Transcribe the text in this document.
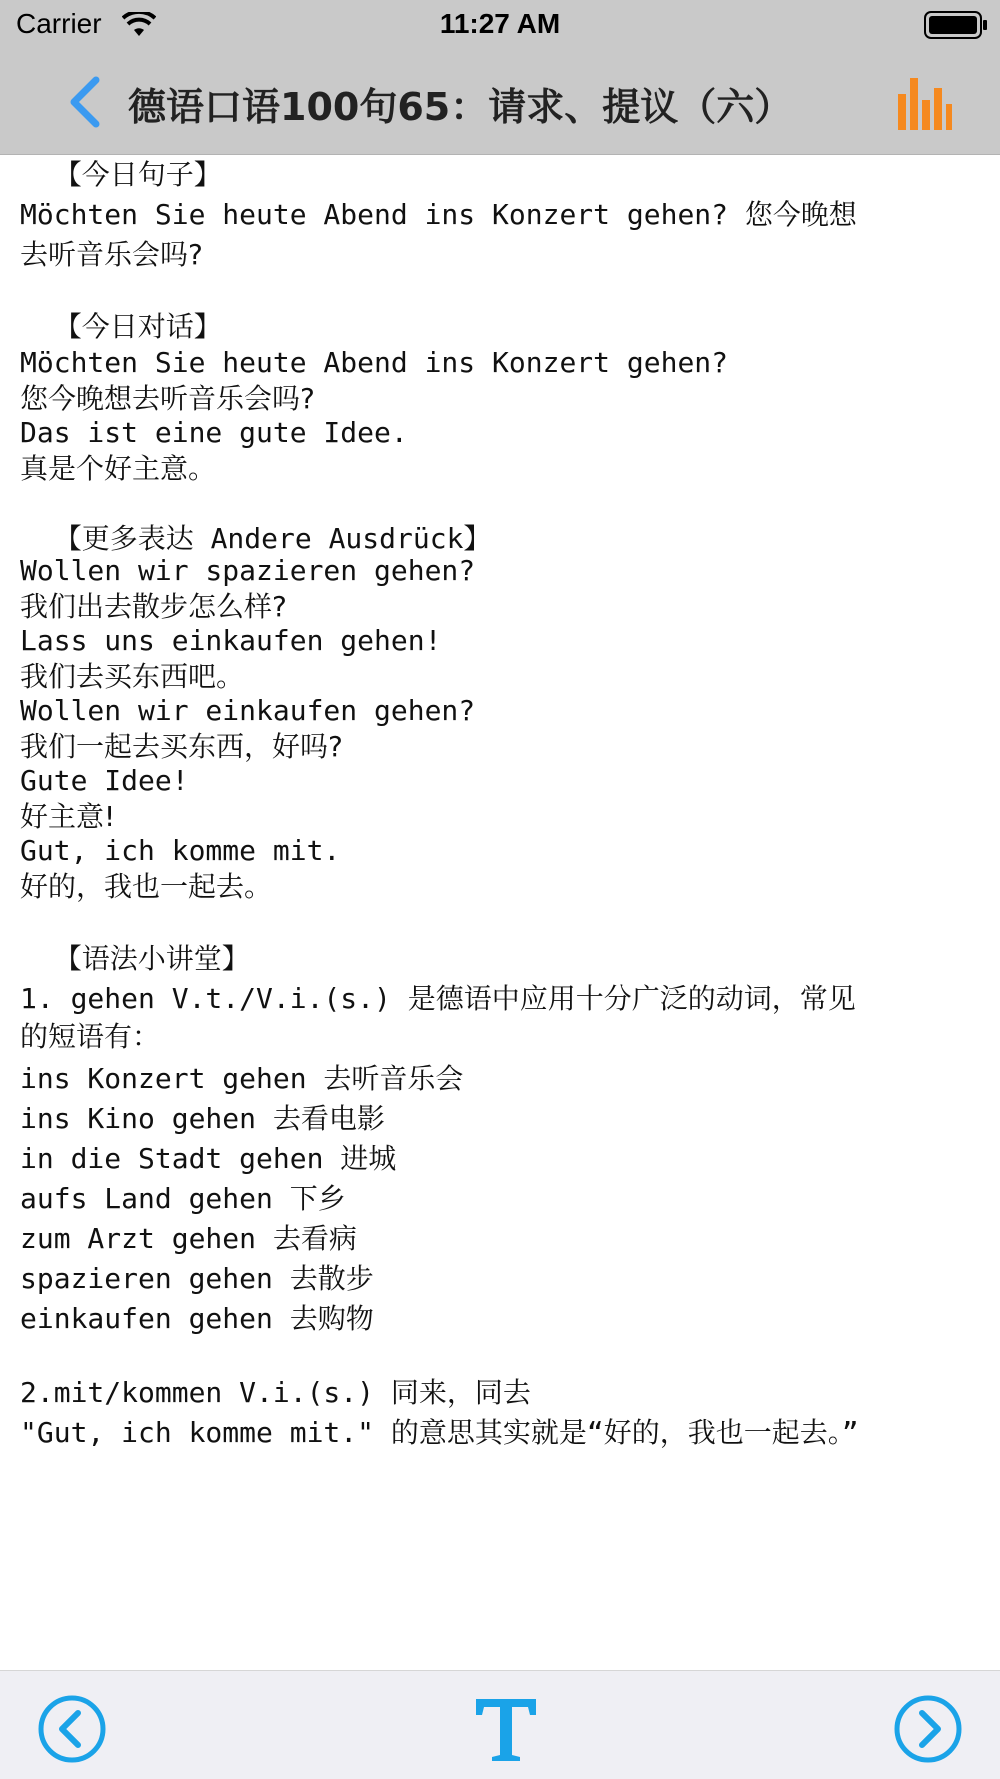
Carrier	11:27 AM
德语口语100句65：请求、提议（六）
【今日句子】
Möchten Sie heute Abend ins Konzert gehen? 您今晚想
去听音乐会吗?
【今日对话】
Möchten Sie heute Abend ins Konzert gehen?
您今晚想去听音乐会吗?
Das ist eine gute Idee.
真是个好主意。
【更多表达 Andere Ausdrück】
Wollen wir spazieren gehen?
我们出去散步怎么样?
Lass uns einkaufen gehen!
我们去买东西吧。
Wollen wir einkaufen gehen?
我们一起去买东西，好吗?
Gute Idee!
好主意!
Gut, ich komme mit.
好的，我也一起去。
【语法小讲堂】
1. gehen V.t./V.i.(s.) 是德语中应用十分广泛的动词，常见
的短语有：
ins Konzert gehen 去听音乐会
ins Kino gehen 去看电影
in die Stadt gehen 进城
aufs Land gehen 下乡
zum Arzt gehen 去看病
spazieren gehen 去散步
einkaufen gehen 去购物
2.mit/kommen V.i.(s.) 同来，同去
"Gut, ich komme mit." 的意思其实就是“好的，我也一起去。”
